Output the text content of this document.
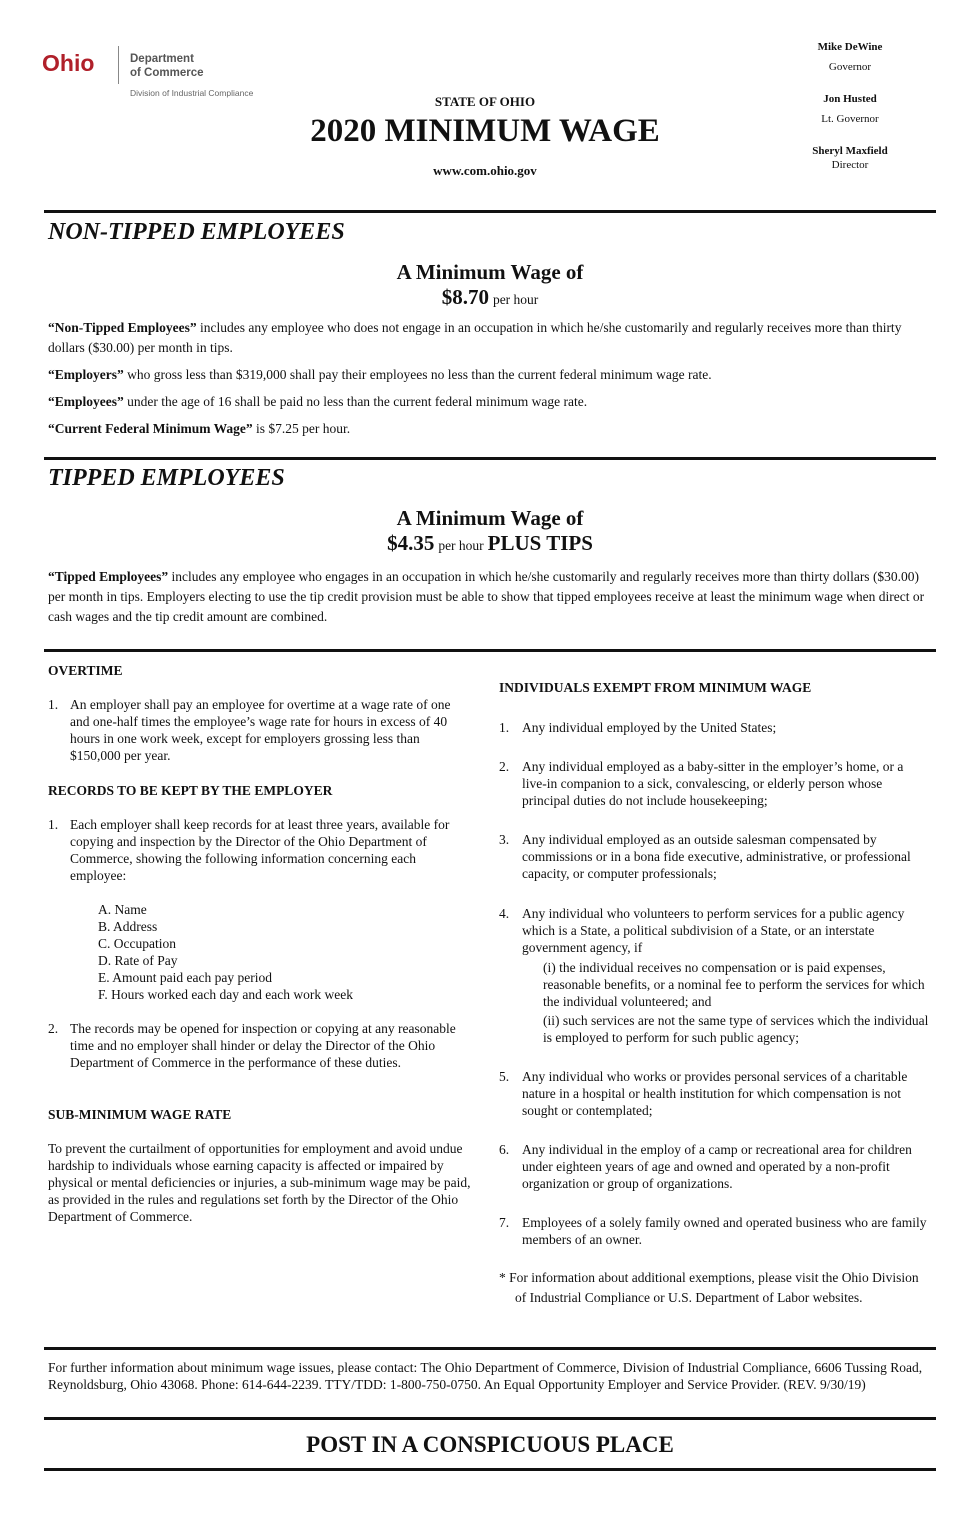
Ohio	Department
of Commerce
Division of Industrial Compliance
STATE OF OHIO
2020 MINIMUM WAGE
www.com.ohio.gov
Mike DeWine
Governor
Jon Husted
Lt. Governor
Sheryl Maxfield
Director
NON-TIPPED EMPLOYEES
A Minimum Wage of
$8.70 per hour
“Non-Tipped Employees” includes any employee who does not engage in an occupation in which he/she customarily and regularly receives more than thirty dollars ($30.00) per month in tips.
“Employers” who gross less than $319,000 shall pay their employees no less than the current federal minimum wage rate.
“Employees” under the age of 16 shall be paid no less than the current federal minimum wage rate.
“Current Federal Minimum Wage” is $7.25 per hour.
TIPPED EMPLOYEES
A Minimum Wage of
$4.35 per hour PLUS TIPS
“Tipped Employees” includes any employee who engages in an occupation in which he/she customarily and regularly receives more than thirty dollars ($30.00) per month in tips. Employers electing to use the tip credit provision must be able to show that tipped employees receive at least the minimum wage when direct or cash wages and the tip credit amount are combined.
OVERTIME
1. An employer shall pay an employee for overtime at a wage rate of one and one-half times the employee’s wage rate for hours in excess of 40 hours in one work week, except for employers grossing less than $150,000 per year.
RECORDS TO BE KEPT BY THE EMPLOYER
1. Each employer shall keep records for at least three years, available for copying and inspection by the Director of the Ohio Department of Commerce, showing the following information concerning each employee:
A. Name
B. Address
C. Occupation
D. Rate of Pay
E. Amount paid each pay period
F. Hours worked each day and each work week
2. The records may be opened for inspection or copying at any reasonable time and no employer shall hinder or delay the Director of the Ohio Department of Commerce in the performance of these duties.
SUB-MINIMUM WAGE RATE
To prevent the curtailment of opportunities for employment and avoid undue hardship to individuals whose earning capacity is affected or impaired by physical or mental deficiencies or injuries, a sub-minimum wage may be paid, as provided in the rules and regulations set forth by the Director of the Ohio Department of Commerce.
INDIVIDUALS EXEMPT FROM MINIMUM WAGE
1. Any individual employed by the United States;
2. Any individual employed as a baby-sitter in the employer’s home, or a live-in companion to a sick, convalescing, or elderly person whose principal duties do not include housekeeping;
3. Any individual employed as an outside salesman compensated by commissions or in a bona fide executive, administrative, or professional capacity, or computer professionals;
4. Any individual who volunteers to perform services for a public agency which is a State, a political subdivision of a State, or an interstate government agency, if
(i) the individual receives no compensation or is paid expenses, reasonable benefits, or a nominal fee to perform the services for which the individual volunteered; and
(ii) such services are not the same type of services which the individual is employed to perform for such public agency;
5. Any individual who works or provides personal services of a charitable nature in a hospital or health institution for which compensation is not sought or contemplated;
6. Any individual in the employ of a camp or recreational area for children under eighteen years of age and owned and operated by a non-profit organization or group of organizations.
7. Employees of a solely family owned and operated business who are family members of an owner.
* For information about additional exemptions, please visit the Ohio Division of Industrial Compliance or U.S. Department of Labor websites.
For further information about minimum wage issues, please contact: The Ohio Department of Commerce, Division of Industrial Compliance, 6606 Tussing Road, Reynoldsburg, Ohio 43068. Phone: 614-644-2239. TTY/TDD: 1-800-750-0750. An Equal Opportunity Employer and Service Provider. (REV. 9/30/19)
POST IN A CONSPICUOUS PLACE
